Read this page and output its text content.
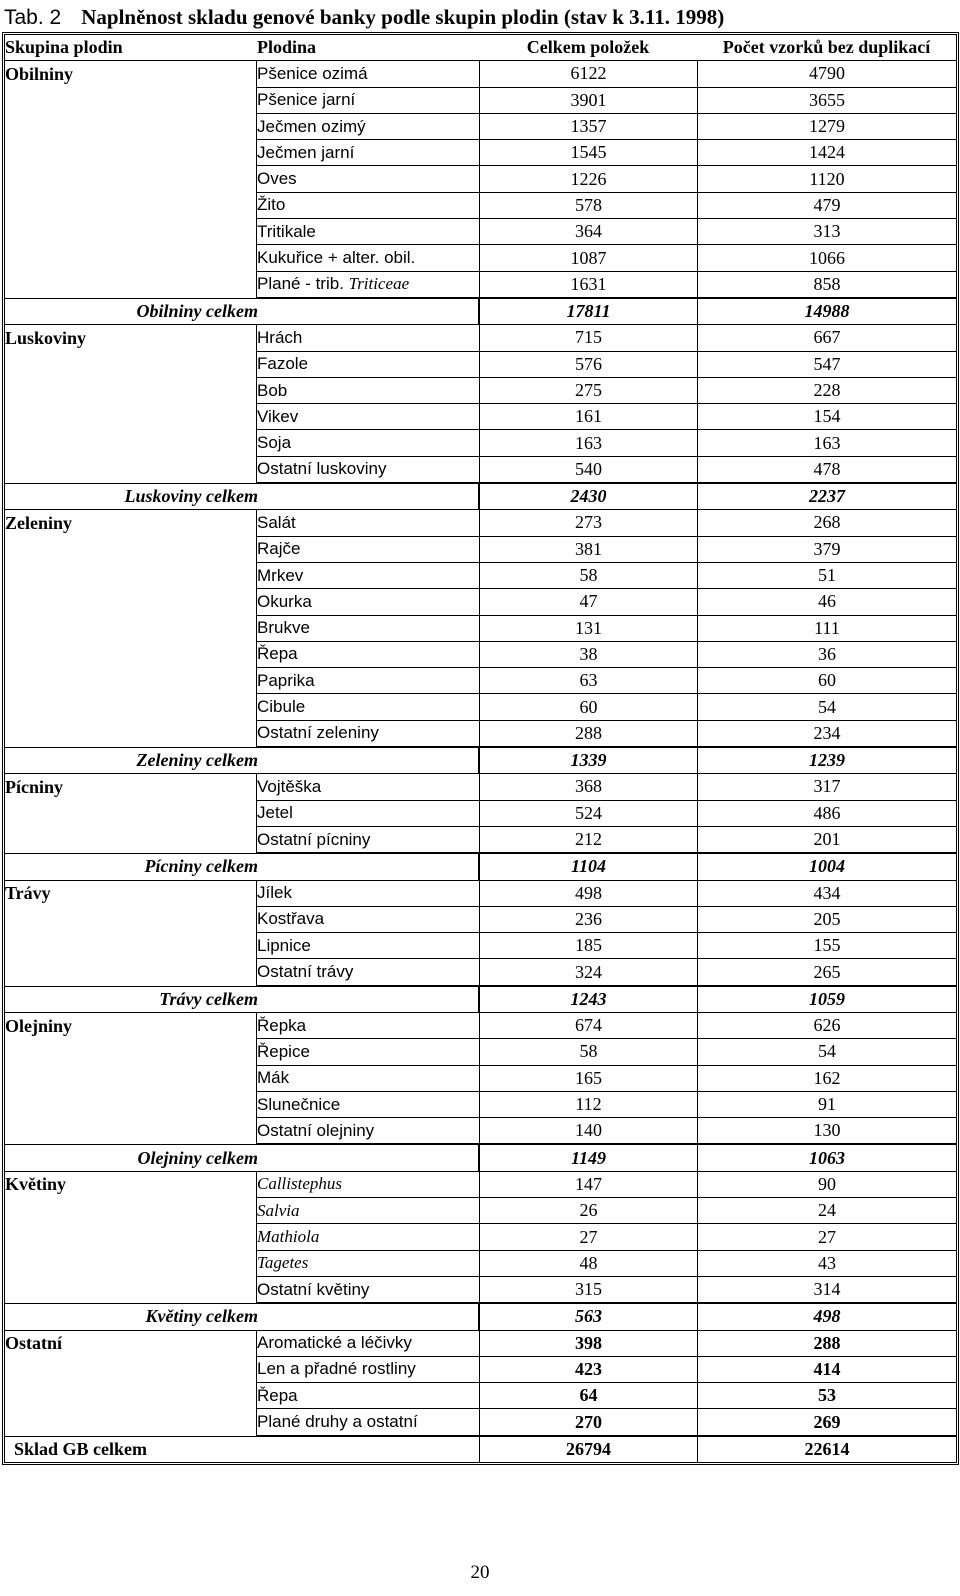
Tab. 2 Naplněnost skladu genové banky podle skupin plodin (stav k 3.11. 1998)
Skupina plodin	Plodina	Celkem položek	Počet vzorků bez duplikací
Obilniny	Pšenice ozimá	6122	4790
	Pšenice jarní	3901	3655
	Ječmen ozimý	1357	1279
	Ječmen jarní	1545	1424
	Oves	1226	1120
	Žito	578	479
	Tritikale	364	313
	Kukuřice + alter. obil.	1087	1066
	Plané - trib. Triticeae	1631	858
Obilniny celkem		17811	14988
Luskoviny	Hrách	715	667
	Fazole	576	547
	Bob	275	228
	Vikev	161	154
	Soja	163	163
	Ostatní luskoviny	540	478
Luskoviny celkem		2430	2237
Zeleniny	Salát	273	268
	Rajče	381	379
	Mrkev	58	51
	Okurka	47	46
	Brukve	131	111
	Řepa	38	36
	Paprika	63	60
	Cibule	60	54
	Ostatní zeleniny	288	234
Zeleniny celkem		1339	1239
Pícniny	Vojtěška	368	317
	Jetel	524	486
	Ostatní pícniny	212	201
Pícniny celkem		1104	1004
Trávy	Jílek	498	434
	Kostřava	236	205
	Lipnice	185	155
	Ostatní trávy	324	265
Trávy celkem		1243	1059
Olejniny	Řepka	674	626
	Řepice	58	54
	Mák	165	162
	Slunečnice	112	91
	Ostatní olejniny	140	130
Olejniny celkem		1149	1063
Květiny	Callistephus	147	90
	Salvia	26	24
	Mathiola	27	27
	Tagetes	48	43
	Ostatní květiny	315	314
Květiny celkem		563	498
Ostatní	Aromatické a léčivky	398	288
	Len a přadné rostliny	423	414
	Řepa	64	53
	Plané druhy a ostatní	270	269
Sklad GB celkem		26794	22614
20
